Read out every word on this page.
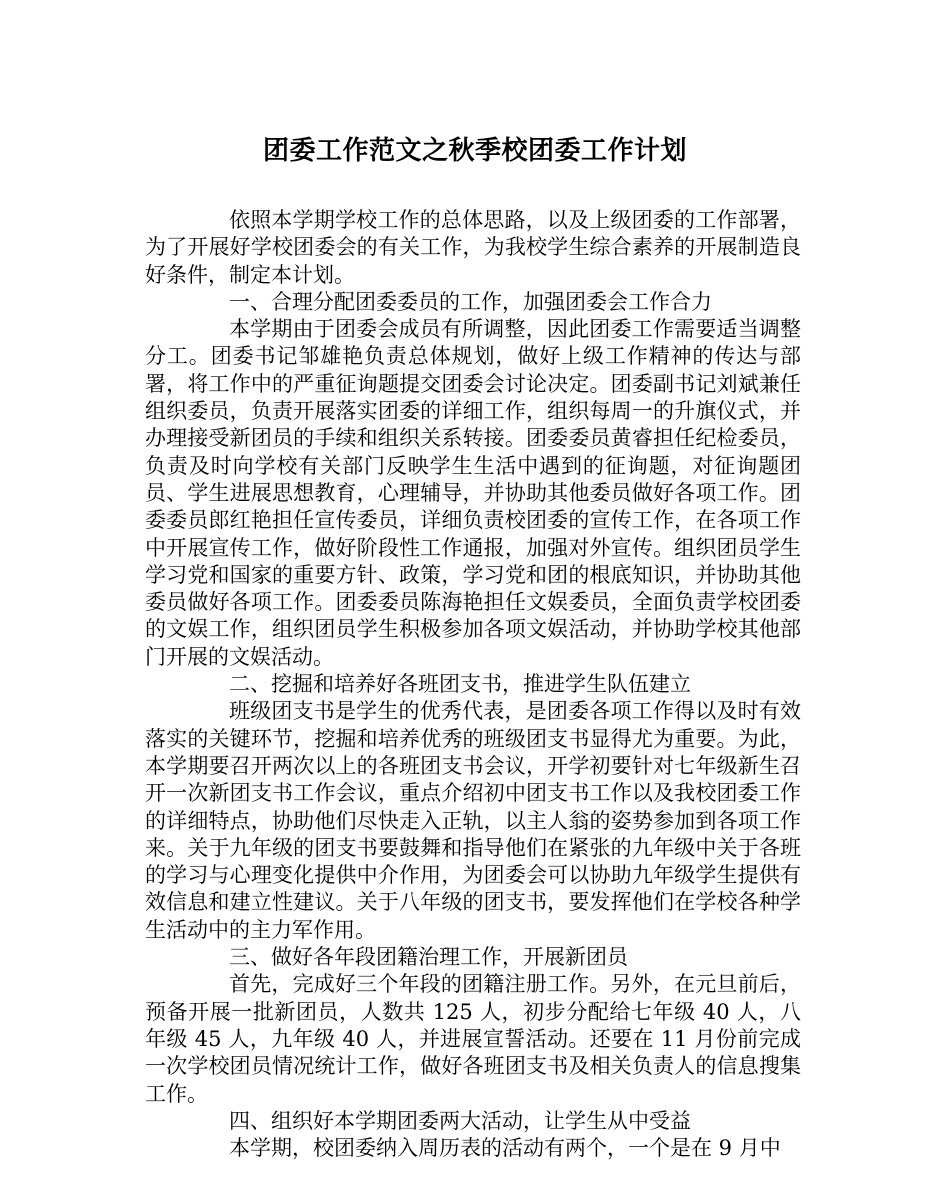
团委工作范文之秋季校团委工作计划

依照本学期学校工作的总体思路，以及上级团委的工作部署，为了开展好学校团委会的有关工作，为我校学生综合素养的开展制造良好条件，制定本计划。

一、合理分配团委委员的工作，加强团委会工作合力

本学期由于团委会成员有所调整，因此团委工作需要适当调整分工。团委书记邹雄艳负责总体规划，做好上级工作精神的传达与部署，将工作中的严重征询题提交团委会讨论决定。团委副书记刘斌兼任组织委员，负责开展落实团委的详细工作，组织每周一的升旗仪式，并办理接受新团员的手续和组织关系转接。团委委员黄睿担任纪检委员，负责及时向学校有关部门反映学生生活中遇到的征询题，对征询题团员、学生进展思想教育，心理辅导，并协助其他委员做好各项工作。团委委员郎红艳担任宣传委员，详细负责校团委的宣传工作，在各项工作中开展宣传工作，做好阶段性工作通报，加强对外宣传。组织团员学生学习党和国家的重要方针、政策，学习党和团的根底知识，并协助其他委员做好各项工作。团委委员陈海艳担任文娱委员，全面负责学校团委的文娱工作，组织团员学生积极参加各项文娱活动，并协助学校其他部门开展的文娱活动。

二、挖掘和培养好各班团支书，推进学生队伍建立

班级团支书是学生的优秀代表，是团委各项工作得以及时有效落实的关键环节，挖掘和培养优秀的班级团支书显得尤为重要。为此，本学期要召开两次以上的各班团支书会议，开学初要针对七年级新生召开一次新团支书工作会议，重点介绍初中团支书工作以及我校团委工作的详细特点，协助他们尽快走入正轨，以主人翁的姿势参加到各项工作来。关于九年级的团支书要鼓舞和指导他们在紧张的九年级中关于各班的学习与心理变化提供中介作用，为团委会可以协助九年级学生提供有效信息和建立性建议。关于八年级的团支书，要发挥他们在学校各种学生活动中的主力军作用。

三、做好各年段团籍治理工作，开展新团员

首先，完成好三个年段的团籍注册工作。另外，在元旦前后，预备开展一批新团员，人数共 125 人，初步分配给七年级 40 人，八年级 45 人，九年级 40 人，并进展宣誓活动。还要在 11 月份前完成一次学校团员情况统计工作，做好各班团支书及相关负责人的信息搜集工作。

四、组织好本学期团委两大活动，让学生从中受益

本学期，校团委纳入周历表的活动有两个，一个是在 9 月中
